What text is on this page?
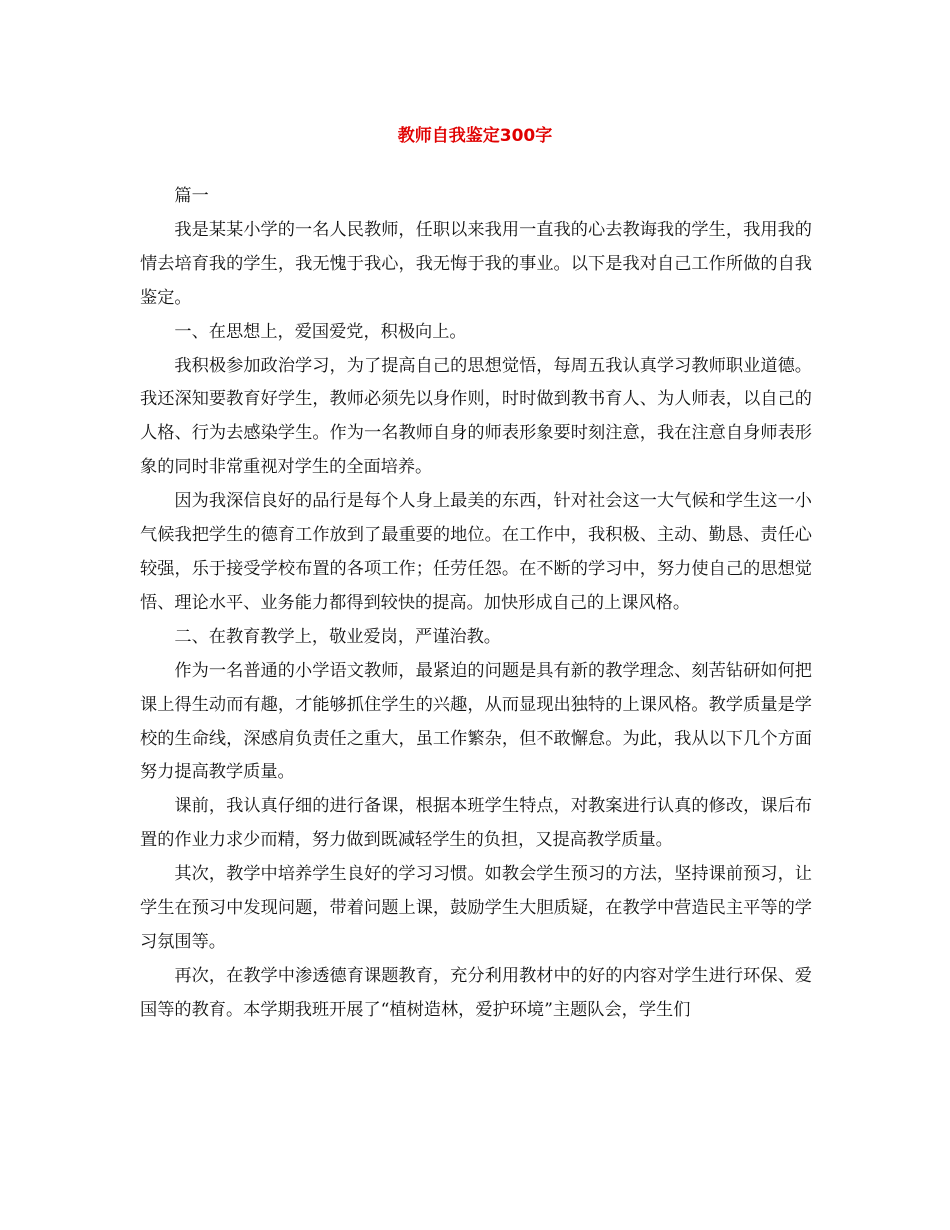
教师自我鉴定300字

篇一

我是某某小学的一名人民教师，任职以来我用一直我的心去教诲我的学生，我用我的情去培育我的学生，我无愧于我心，我无悔于我的事业。以下是我对自己工作所做的自我鉴定。

一、在思想上，爱国爱党，积极向上。

我积极参加政治学习，为了提高自己的思想觉悟，每周五我认真学习教师职业道德。我还深知要教育好学生，教师必须先以身作则，时时做到教书育人、为人师表，以自己的人格、行为去感染学生。作为一名教师自身的师表形象要时刻注意，我在注意自身师表形象的同时非常重视对学生的全面培养。

因为我深信良好的品行是每个人身上最美的东西，针对社会这一大气候和学生这一小气候我把学生的德育工作放到了最重要的地位。在工作中，我积极、主动、勤恳、责任心较强，乐于接受学校布置的各项工作；任劳任怨。在不断的学习中，努力使自己的思想觉悟、理论水平、业务能力都得到较快的提高。加快形成自己的上课风格。

二、在教育教学上，敬业爱岗，严谨治教。

作为一名普通的小学语文教师，最紧迫的问题是具有新的教学理念、刻苦钻研如何把课上得生动而有趣，才能够抓住学生的兴趣，从而显现出独特的上课风格。教学质量是学校的生命线，深感肩负责任之重大，虽工作繁杂，但不敢懈怠。为此，我从以下几个方面努力提高教学质量。

课前，我认真仔细的进行备课，根据本班学生特点，对教案进行认真的修改，课后布置的作业力求少而精，努力做到既减轻学生的负担，又提高教学质量。

其次，教学中培养学生良好的学习习惯。如教会学生预习的方法，坚持课前预习，让学生在预习中发现问题，带着问题上课，鼓励学生大胆质疑，在教学中营造民主平等的学习氛围等。

再次，在教学中渗透德育课题教育，充分利用教材中的好的内容对学生进行环保、爱国等的教育。本学期我班开展了“植树造林，爱护环境”主题队会，学生们
